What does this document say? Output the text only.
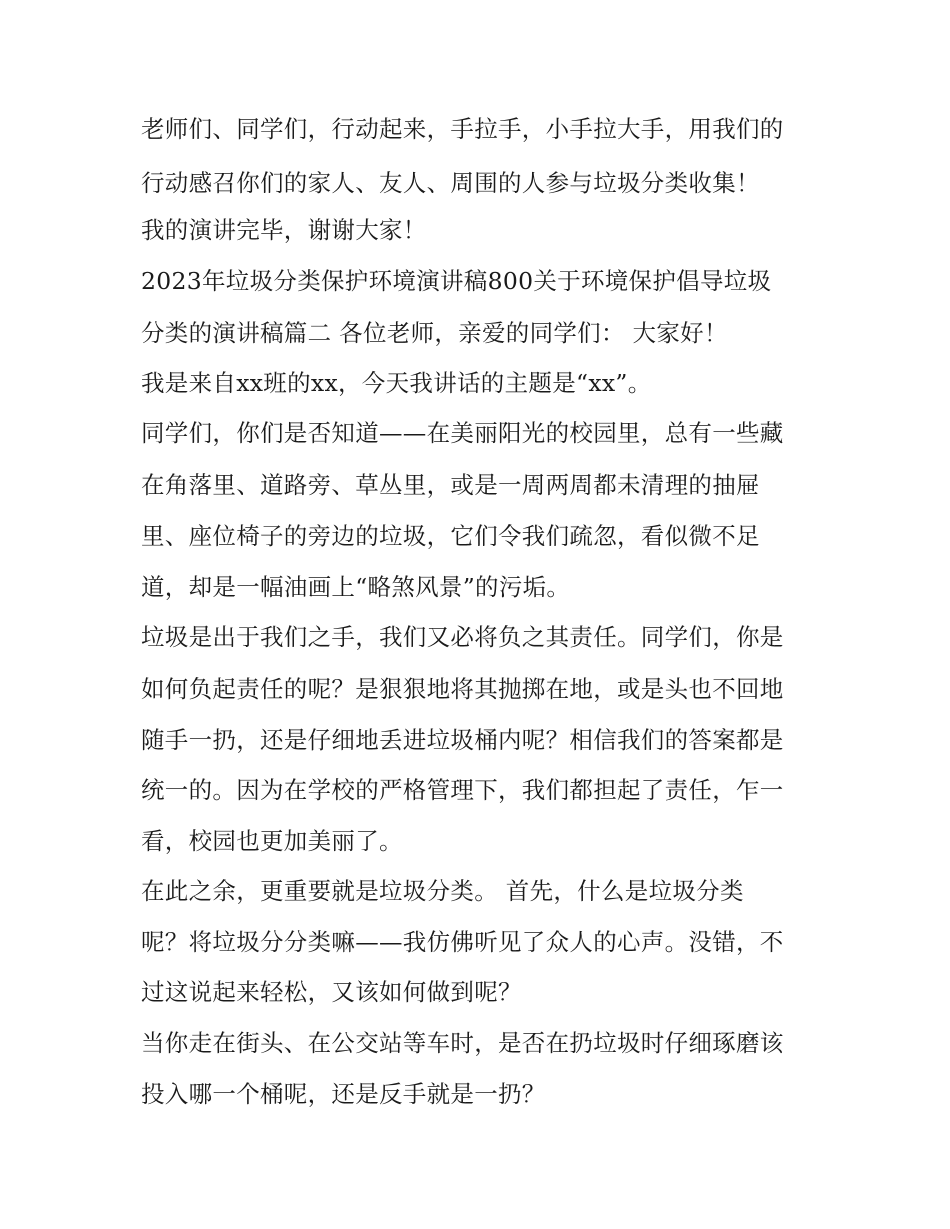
老师们、同学们，行动起来，手拉手，小手拉大手，用我们的

行动感召你们的家人、友人、周围的人参与垃圾分类收集！

我的演讲完毕，谢谢大家！

2023年垃圾分类保护环境演讲稿800关于环境保护倡导垃圾

分类的演讲稿篇二 各位老师，亲爱的同学们： 大家好！

我是来自xx班的xx，今天我讲话的主题是“xx”。

同学们，你们是否知道——在美丽阳光的校园里，总有一些藏

在角落里、道路旁、草丛里，或是一周两周都未清理的抽屉

里、座位椅子的旁边的垃圾，它们令我们疏忽，看似微不足

道，却是一幅油画上“略煞风景”的污垢。

垃圾是出于我们之手，我们又必将负之其责任。同学们，你是

如何负起责任的呢？是狠狠地将其抛掷在地，或是头也不回地

随手一扔，还是仔细地丢进垃圾桶内呢？相信我们的答案都是

统一的。因为在学校的严格管理下，我们都担起了责任，乍一

看，校园也更加美丽了。

在此之余，更重要就是垃圾分类。 首先，什么是垃圾分类

呢？将垃圾分分类嘛——我仿佛听见了众人的心声。没错，不

过这说起来轻松，又该如何做到呢？

当你走在街头、在公交站等车时，是否在扔垃圾时仔细琢磨该

投入哪一个桶呢，还是反手就是一扔？
